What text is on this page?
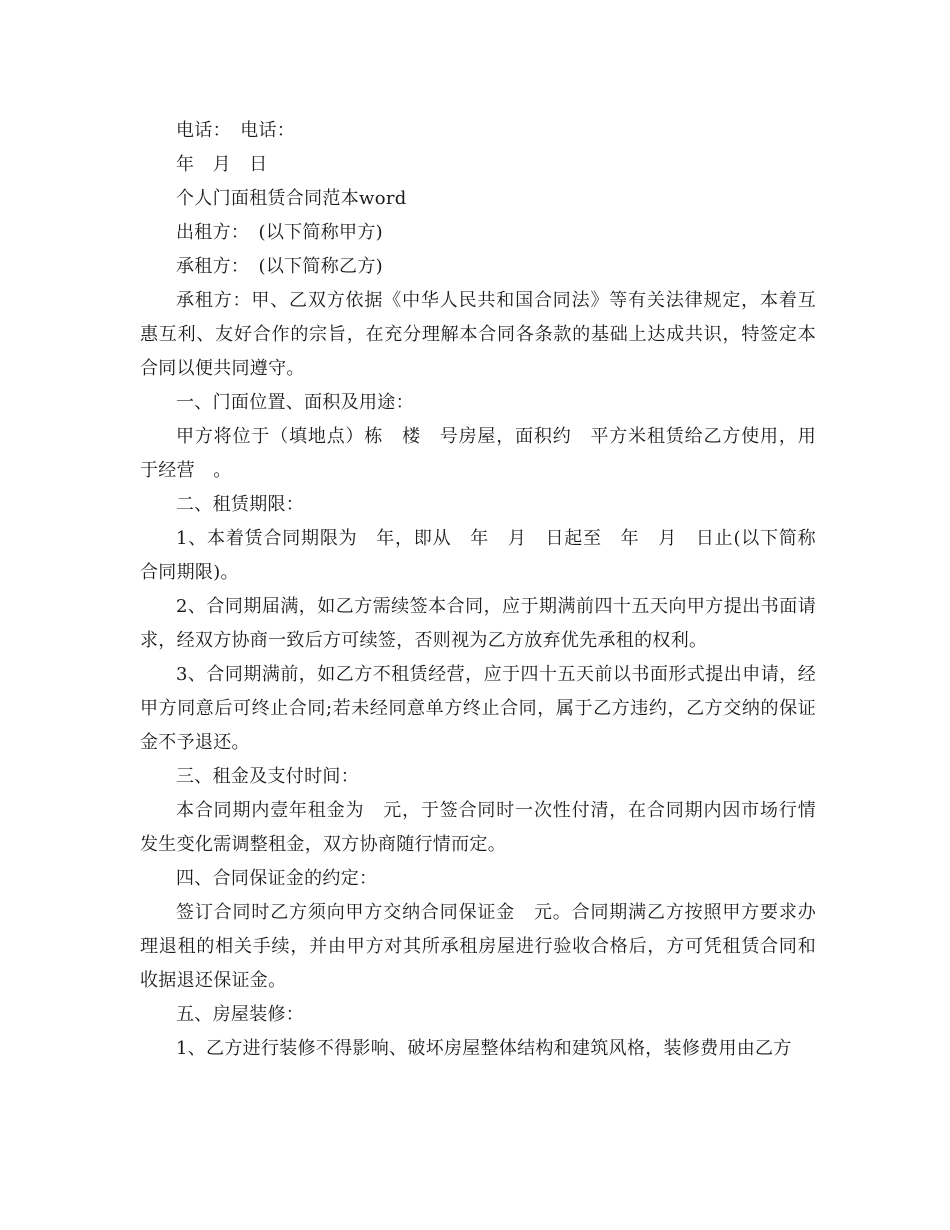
电话：　电话：

年　月　日

个人门面租赁合同范本word

出租方：　(以下简称甲方)

承租方：　(以下简称乙方)

承租方：甲、乙双方依据《中华人民共和国合同法》等有关法律规定，本着互惠互利、友好合作的宗旨，在充分理解本合同各条款的基础上达成共识，特签定本合同以便共同遵守。

一、门面位置、面积及用途：

甲方将位于（填地点）栋　楼　号房屋，面积约　平方米租赁给乙方使用，用于经营　。

二、租赁期限：

1、本着赁合同期限为　年，即从　年　月　日起至　年　月　日止(以下简称合同期限)。

2、合同期届满，如乙方需续签本合同，应于期满前四十五天向甲方提出书面请求，经双方协商一致后方可续签，否则视为乙方放弃优先承租的权利。

3、合同期满前，如乙方不租赁经营，应于四十五天前以书面形式提出申请，经甲方同意后可终止合同;若未经同意单方终止合同，属于乙方违约，乙方交纳的保证金不予退还。

三、租金及支付时间：

本合同期内壹年租金为　元，于签合同时一次性付清，在合同期内因市场行情发生变化需调整租金，双方协商随行情而定。

四、合同保证金的约定：

签订合同时乙方须向甲方交纳合同保证金　元。合同期满乙方按照甲方要求办理退租的相关手续，并由甲方对其所承租房屋进行验收合格后，方可凭租赁合同和收据退还保证金。

五、房屋装修：

1、乙方进行装修不得影响、破坏房屋整体结构和建筑风格，装修费用由乙方
